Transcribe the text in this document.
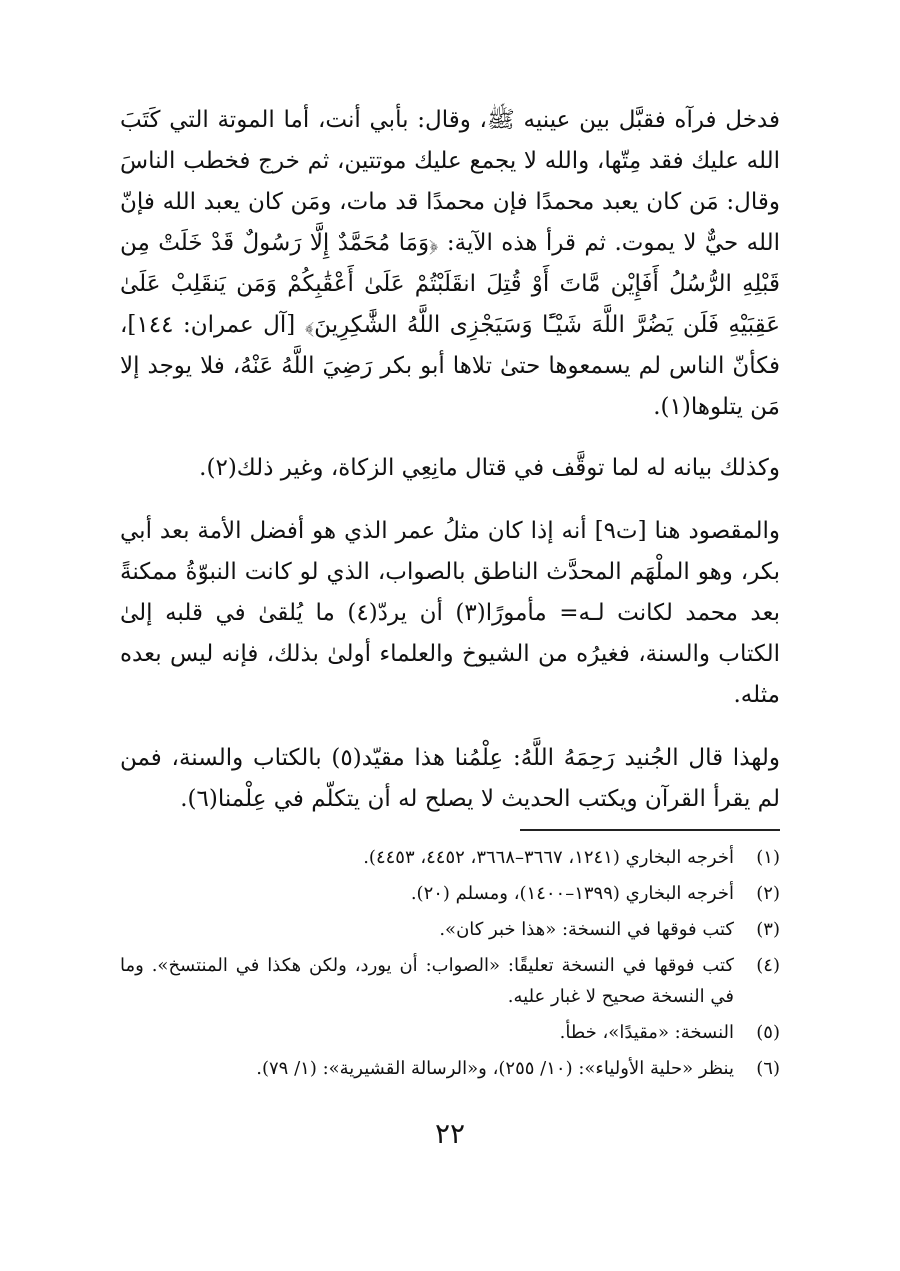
فدخل فرآه فقبَّل بين عينيه ﷺ، وقال: بأبي أنت، أما الموتة التي كَتَبَ الله عليك فقد مِتّها، والله لا يجمع عليك موتتين، ثم خرج فخطب الناسَ وقال: مَن كان يعبد محمدًا فإن محمدًا قد مات، ومَن كان يعبد الله فإنّ الله حيٌّ لا يموت. ثم قرأ هذه الآية: ﴿وَمَا مُحَمَّدٌ إِلَّا رَسُولٌ قَدْ خَلَتْ مِن قَبْلِهِ الرُّسُلُ أَفَإِيْن مَّاتَ أَوْ قُتِلَ انقَلَبْتُمْ عَلَىٰ أَعْقَٰبِكُمْ وَمَن يَنقَلِبْ عَلَىٰ عَقِبَيْهِ فَلَن يَضُرَّ اللَّهَ شَيْـًٔا وَسَيَجْزِى اللَّهُ الشَّٰكِرِينَ﴾ [آل عمران: ١٤٤]، فكأنّ الناس لم يسمعوها حتىٰ تلاها أبو بكر رَضِيَ اللَّهُ عَنْهُ، فلا يوجد إلا مَن يتلوها(١).

وكذلك بيانه له لما توقَّف في قتال مانِعِي الزكاة، وغير ذلك(٢).

والمقصود هنا [ت٩] أنه إذا كان مثلُ عمر الذي هو أفضل الأمة بعد أبي بكر، وهو الملْهَم المحدَّث الناطق بالصواب، الذي لو كانت النبوّةُ ممكنةً بعد محمد لكانت لـه= مأمورًا(٣) أن يردّ(٤) ما يُلقىٰ في قلبه إلىٰ الكتاب والسنة، فغيرُه من الشيوخ والعلماء أولىٰ بذلك، فإنه ليس بعده مثله.

ولهذا قال الجُنيد رَحِمَهُ اللَّهُ: عِلْمُنا هذا مقيّد(٥) بالكتاب والسنة، فمن لم يقرأ القرآن ويكتب الحديث لا يصلح له أن يتكلّم في عِلْمنا(٦).

(١)
أخرجه البخاري (١٢٤١، ٣٦٦٧–٣٦٦٨، ٤٤٥٢، ٤٤٥٣).
(٢)
أخرجه البخاري (١٣٩٩–١٤٠٠)، ومسلم (٢٠).
(٣)
كتب فوقها في النسخة: «هذا خبر كان».
(٤)
كتب فوقها في النسخة تعليقًا: «الصواب: أن يورد، ولكن هكذا في المنتسخ». وما في النسخة صحيح لا غبار عليه.
(٥)
النسخة: «مقيدًا»، خطأ.
(٦)
ينظر «حلية الأولياء»: (١٠/ ٢٥٥)، و«الرسالة القشيرية»: (١/ ٧٩).
٢٢
